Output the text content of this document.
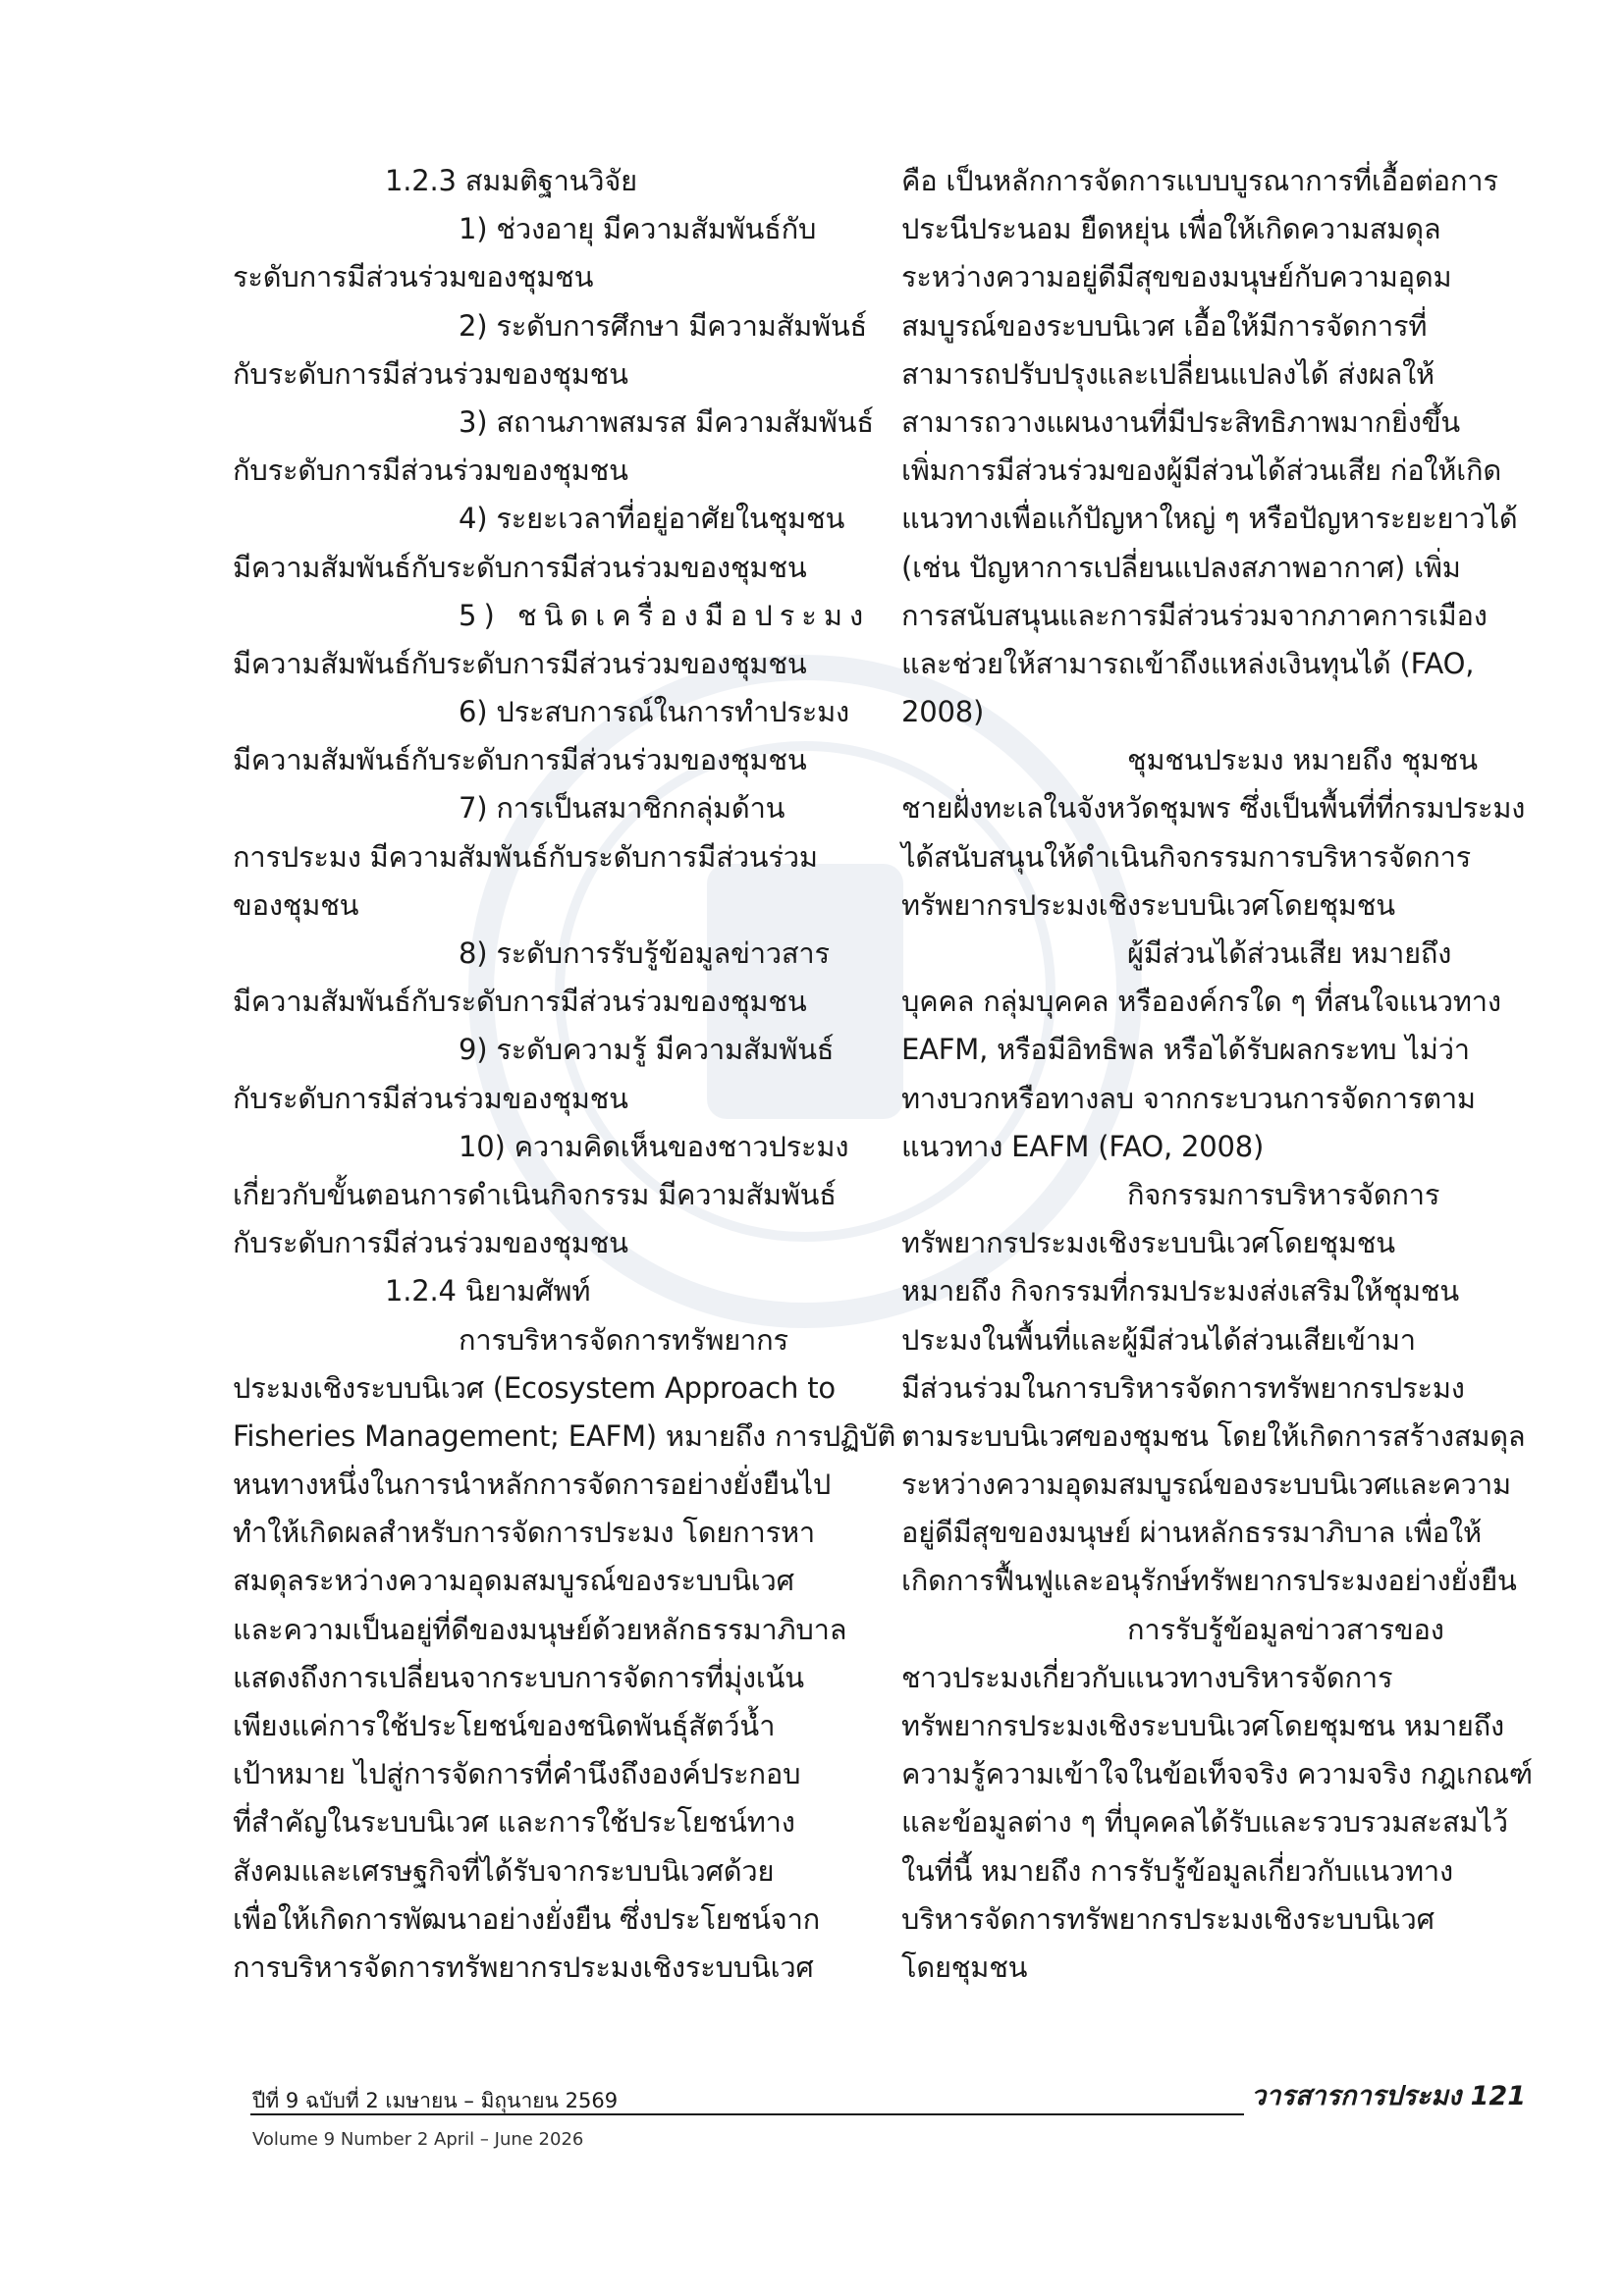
1.2.3 สมมติฐานวิจัย
1) ช่วงอายุ มีความสัมพันธ์กับ
ระดับการมีส่วนร่วมของชุมชน
2) ระดับการศึกษา มีความสัมพันธ์
กับระดับการมีส่วนร่วมของชุมชน
3) สถานภาพสมรส มีความสัมพันธ์
กับระดับการมีส่วนร่วมของชุมชน
4) ระยะเวลาที่อยู่อาศัยในชุมชน
มีความสัมพันธ์กับระดับการมีส่วนร่วมของชุมชน
5) ชนิดเครื่องมือประมง
มีความสัมพันธ์กับระดับการมีส่วนร่วมของชุมชน
6) ประสบการณ์ในการทำประมง
มีความสัมพันธ์กับระดับการมีส่วนร่วมของชุมชน
7) การเป็นสมาชิกกลุ่มด้าน
การประมง มีความสัมพันธ์กับระดับการมีส่วนร่วม
ของชุมชน
8) ระดับการรับรู้ข้อมูลข่าวสาร
มีความสัมพันธ์กับระดับการมีส่วนร่วมของชุมชน
9) ระดับความรู้ มีความสัมพันธ์
กับระดับการมีส่วนร่วมของชุมชน
10) ความคิดเห็นของชาวประมง
เกี่ยวกับขั้นตอนการดำเนินกิจกรรม มีความสัมพันธ์
กับระดับการมีส่วนร่วมของชุมชน
1.2.4 นิยามศัพท์
การบริหารจัดการทรัพยากร
ประมงเชิงระบบนิเวศ (Ecosystem Approach to
Fisheries Management; EAFM) หมายถึง การปฏิบัติ
หนทางหนึ่งในการนำหลักการจัดการอย่างยั่งยืนไป
ทำให้เกิดผลสำหรับการจัดการประมง โดยการหา
สมดุลระหว่างความอุดมสมบูรณ์ของระบบนิเวศ
และความเป็นอยู่ที่ดีของมนุษย์ด้วยหลักธรรมาภิบาล
แสดงถึงการเปลี่ยนจากระบบการจัดการที่มุ่งเน้น
เพียงแค่การใช้ประโยชน์ของชนิดพันธุ์สัตว์น้ำ
เป้าหมาย ไปสู่การจัดการที่คำนึงถึงองค์ประกอบ
ที่สำคัญในระบบนิเวศ และการใช้ประโยชน์ทาง
สังคมและเศรษฐกิจที่ได้รับจากระบบนิเวศด้วย
เพื่อให้เกิดการพัฒนาอย่างยั่งยืน ซึ่งประโยชน์จาก
การบริหารจัดการทรัพยากรประมงเชิงระบบนิเวศ
คือ เป็นหลักการจัดการแบบบูรณาการที่เอื้อต่อการ
ประนีประนอม ยืดหยุ่น เพื่อให้เกิดความสมดุล
ระหว่างความอยู่ดีมีสุขของมนุษย์กับความอุดม
สมบูรณ์ของระบบนิเวศ เอื้อให้มีการจัดการที่
สามารถปรับปรุงและเปลี่ยนแปลงได้ ส่งผลให้
สามารถวางแผนงานที่มีประสิทธิภาพมากยิ่งขึ้น
เพิ่มการมีส่วนร่วมของผู้มีส่วนได้ส่วนเสีย ก่อให้เกิด
แนวทางเพื่อแก้ปัญหาใหญ่ ๆ หรือปัญหาระยะยาวได้
(เช่น ปัญหาการเปลี่ยนแปลงสภาพอากาศ) เพิ่ม
การสนับสนุนและการมีส่วนร่วมจากภาคการเมือง
และช่วยให้สามารถเข้าถึงแหล่งเงินทุนได้ (FAO,
2008)
ชุมชนประมง หมายถึง ชุมชน
ชายฝั่งทะเลในจังหวัดชุมพร ซึ่งเป็นพื้นที่ที่กรมประมง
ได้สนับสนุนให้ดำเนินกิจกรรมการบริหารจัดการ
ทรัพยากรประมงเชิงระบบนิเวศโดยชุมชน
ผู้มีส่วนได้ส่วนเสีย หมายถึง
บุคคล กลุ่มบุคคล หรือองค์กรใด ๆ ที่สนใจแนวทาง
EAFM, หรือมีอิทธิพล หรือได้รับผลกระทบ ไม่ว่า
ทางบวกหรือทางลบ จากกระบวนการจัดการตาม
แนวทาง EAFM (FAO, 2008)
กิจกรรมการบริหารจัดการ
ทรัพยากรประมงเชิงระบบนิเวศโดยชุมชน
หมายถึง กิจกรรมที่กรมประมงส่งเสริมให้ชุมชน
ประมงในพื้นที่และผู้มีส่วนได้ส่วนเสียเข้ามา
มีส่วนร่วมในการบริหารจัดการทรัพยากรประมง
ตามระบบนิเวศของชุมชน โดยให้เกิดการสร้างสมดุล
ระหว่างความอุดมสมบูรณ์ของระบบนิเวศและความ
อยู่ดีมีสุขของมนุษย์ ผ่านหลักธรรมาภิบาล เพื่อให้
เกิดการฟื้นฟูและอนุรักษ์ทรัพยากรประมงอย่างยั่งยืน
การรับรู้ข้อมูลข่าวสารของ
ชาวประมงเกี่ยวกับแนวทางบริหารจัดการ
ทรัพยากรประมงเชิงระบบนิเวศโดยชุมชน หมายถึง
ความรู้ความเข้าใจในข้อเท็จจริง ความจริง กฎเกณฑ์
และข้อมูลต่าง ๆ ที่บุคคลได้รับและรวบรวมสะสมไว้
ในที่นี้ หมายถึง การรับรู้ข้อมูลเกี่ยวกับแนวทาง
บริหารจัดการทรัพยากรประมงเชิงระบบนิเวศ
โดยชุมชน
ปีที่ 9 ฉบับที่ 2 เมษายน – มิถุนายน 2569
Volume 9 Number 2 April – June 2026
วารสารการประมง 121
